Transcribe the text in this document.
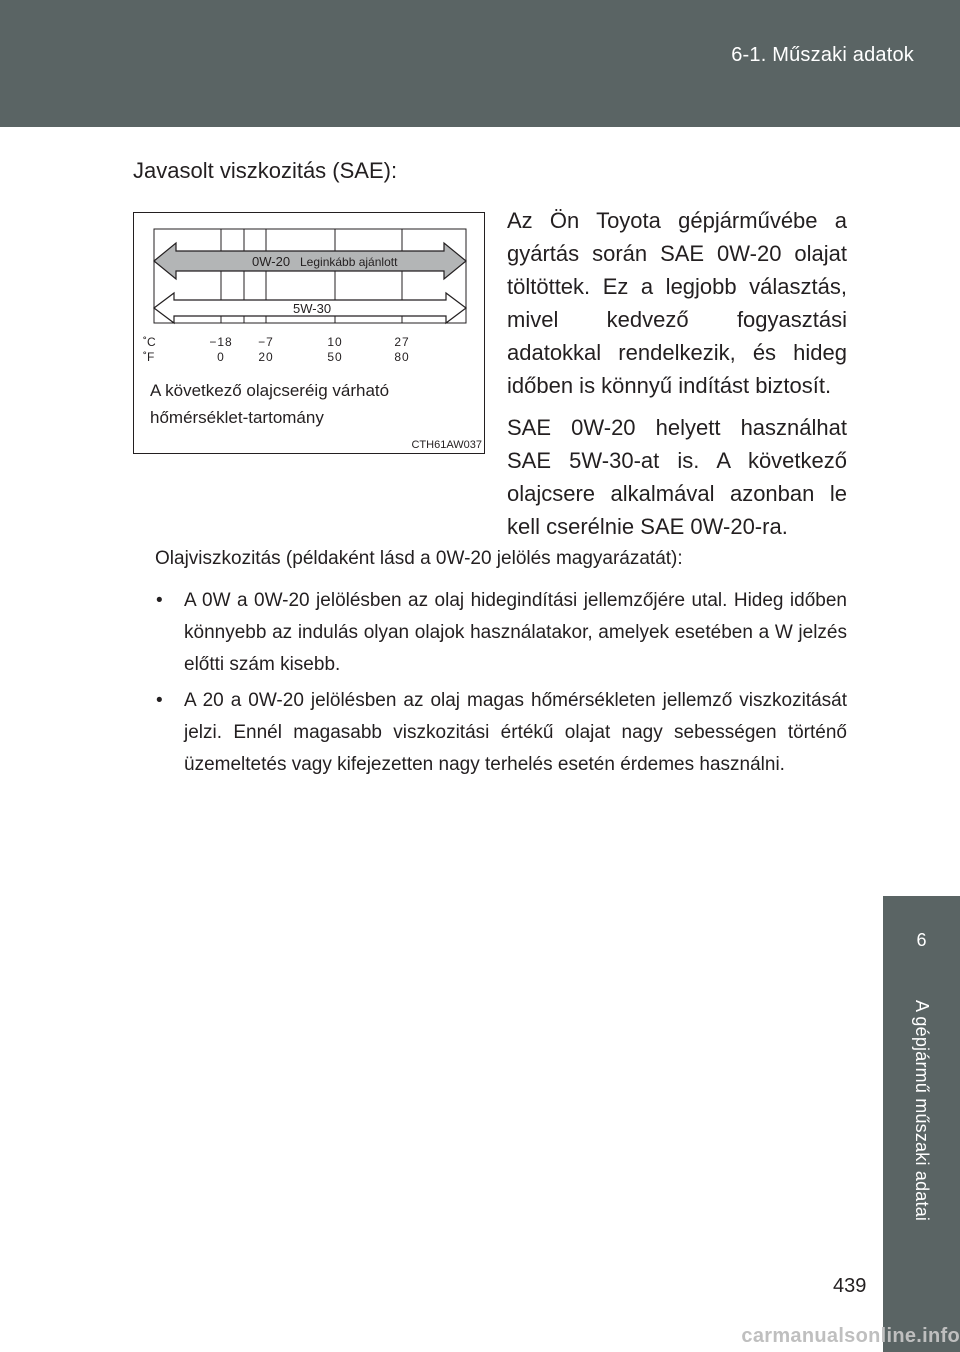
6-1. Műszaki adatok
6
A gépjármű műszaki adatai
Javasolt viszkozitás (SAE):
0W-20 Leginkább ajánlott
5W-30
˚C
˚F
−18 −7	10	27
0	20	50	80
A következő olajcseréig várható
hőmérséklet-tartomány
CTH61AW037

Az Ön Toyota gépjárművébe a gyártás során SAE 0W-20 olajat töltöttek. Ez a legjobb választás, mivel kedvező fogyasztási adatokkal rendelkezik, és hideg időben is könnyű indítást biztosít.

SAE 0W-20 helyett használhat SAE 5W-30-at is. A következő olajcsere alkalmával azonban le kell cserélnie SAE 0W-20-ra.

Olajviszkozitás (példaként lásd a 0W-20 jelölés magyarázatát):

• A 0W a 0W-20 jelölésben az olaj hidegindítási jellemzőjére utal. Hideg időben könnyebb az indulás olyan olajok használatakor, amelyek esetében a W jelzés előtti szám kisebb.
• A 20 a 0W-20 jelölésben az olaj magas hőmérsékleten jellemző viszkozitását jelzi. Ennél magasabb viszkozitási értékű olajat nagy sebességen történő üzemeltetés vagy kifejezetten nagy terhelés esetén érdemes használni.
439
carmanualsonline.info
